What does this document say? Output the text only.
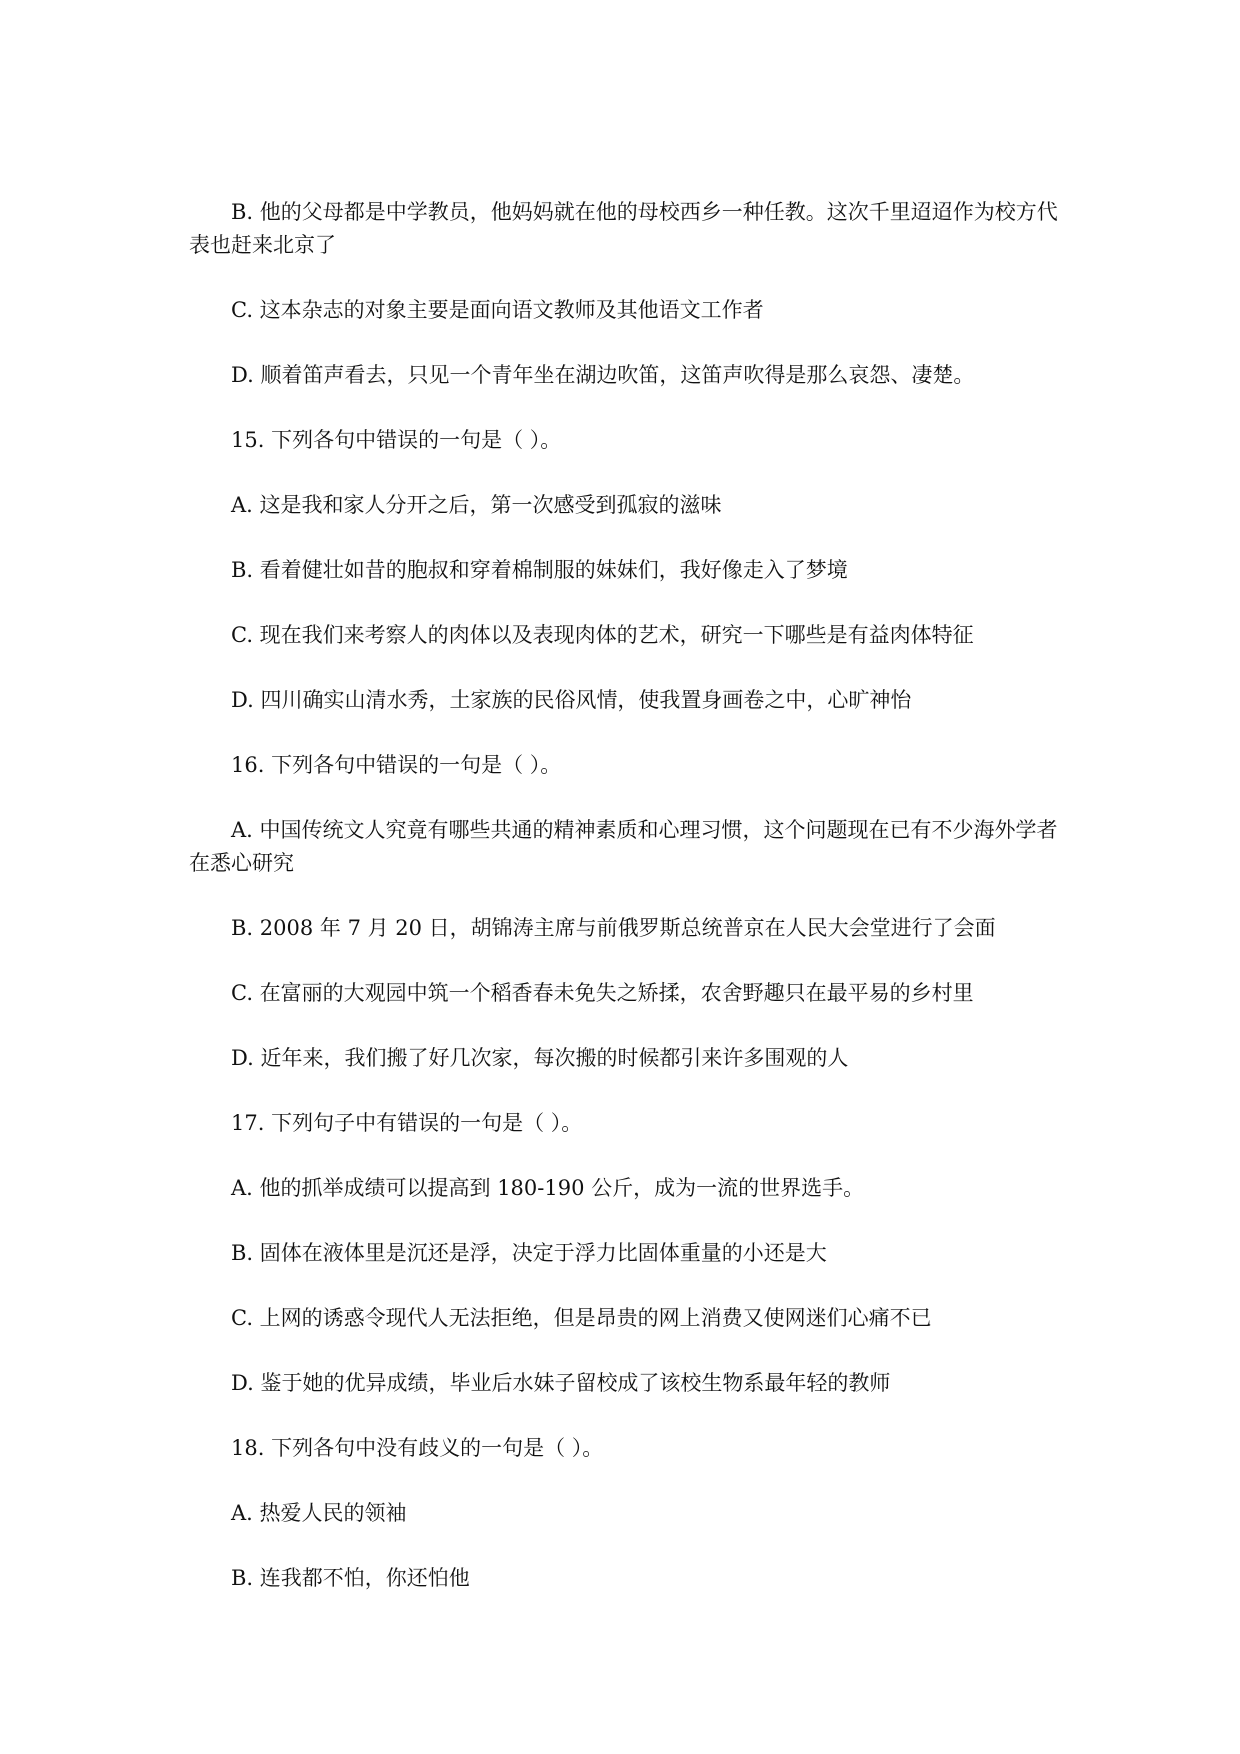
B. 他的父母都是中学教员，他妈妈就在他的母校西乡一种任教。这次千里迢迢作为校方代表也赶来北京了

C. 这本杂志的对象主要是面向语文教师及其他语文工作者

D. 顺着笛声看去，只见一个青年坐在湖边吹笛，这笛声吹得是那么哀怨、凄楚。

15. 下列各句中错误的一句是（ ）。

A. 这是我和家人分开之后，第一次感受到孤寂的滋味

B. 看着健壮如昔的胞叔和穿着棉制服的妹妹们，我好像走入了梦境

C. 现在我们来考察人的肉体以及表现肉体的艺术，研究一下哪些是有益肉体特征

D. 四川确实山清水秀，土家族的民俗风情，使我置身画卷之中，心旷神怡

16. 下列各句中错误的一句是（ ）。

A. 中国传统文人究竟有哪些共通的精神素质和心理习惯，这个问题现在已有不少海外学者在悉心研究

B. 2008 年 7 月 20 日，胡锦涛主席与前俄罗斯总统普京在人民大会堂进行了会面

C. 在富丽的大观园中筑一个稻香春未免失之矫揉，农舍野趣只在最平易的乡村里

D. 近年来，我们搬了好几次家，每次搬的时候都引来许多围观的人

17. 下列句子中有错误的一句是（ ）。

A. 他的抓举成绩可以提高到 180-190 公斤，成为一流的世界选手。

B. 固体在液体里是沉还是浮，决定于浮力比固体重量的小还是大

C. 上网的诱惑令现代人无法拒绝，但是昂贵的网上消费又使网迷们心痛不已

D. 鉴于她的优异成绩，毕业后水妹子留校成了该校生物系最年轻的教师

18. 下列各句中没有歧义的一句是（ ）。

A. 热爱人民的领袖

B. 连我都不怕，你还怕他
